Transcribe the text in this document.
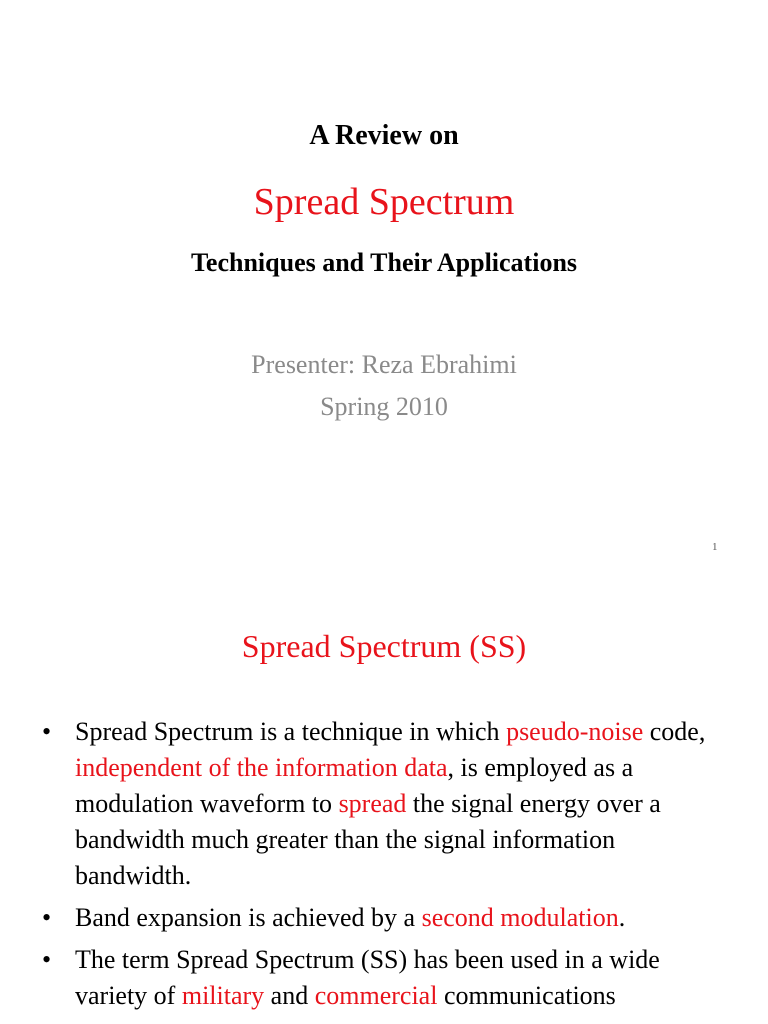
A Review on
Spread Spectrum
Techniques and Their Applications
Presenter: Reza Ebrahimi
Spring 2010
1
Spread Spectrum (SS)
• Spread Spectrum is a technique in which pseudo-noise code, independent of the information data, is employed as a modulation waveform to spread the signal energy over a bandwidth much greater than the signal information bandwidth.
• Band expansion is achieved by a second modulation.
• The term Spread Spectrum (SS) has been used in a wide variety of military and commercial communications
